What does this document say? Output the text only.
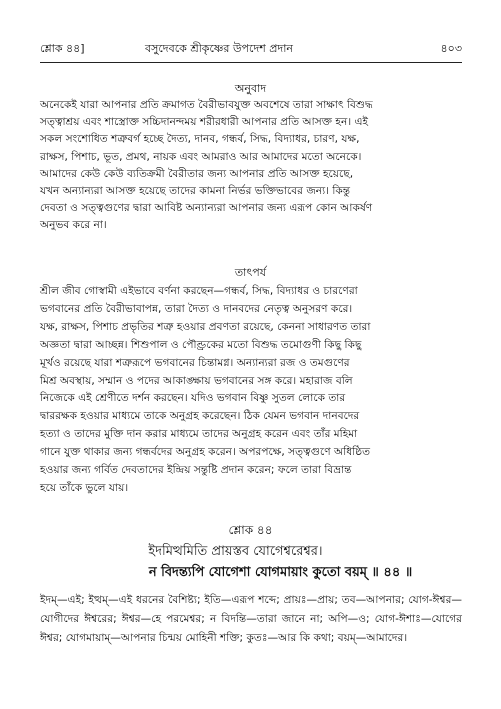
শ্লোক ৪৪]	বসুদেবকে শ্রীকৃষ্ণের উপদেশ প্রদান	৪০৩
অনুবাদ
অনেকেই যারা আপনার প্রতি ক্রমাগত বৈরীভাবযুক্ত অবশেষে তারা সাক্ষাৎ বিশুদ্ধ
সত্ত্বাশ্রয় এবং শাস্ত্রোক্ত সচ্চিদানন্দময় শরীরধারী আপনার প্রতি আসক্ত হন। এই
সকল সংশোধিত শত্রুবর্গ হচ্ছে দৈত্য, দানব, গন্ধর্ব, সিদ্ধ, বিদ্যাধর, চারণ, যক্ষ,
রাক্ষস, পিশাচ, ভূত, প্রমথ, নায়ক এবং আমরাও আর আমাদের মতো অনেকে।
আমাদের কেউ কেউ ব্যতিক্রমী বৈরীতার জন্য আপনার প্রতি আসক্ত হয়েছে,
যখন অন্যান্যরা আসক্ত হয়েছে তাদের কামনা নির্ভর ভক্তিভাবের জন্য। কিন্তু
দেবতা ও সত্ত্বগুণের দ্বারা আবিষ্ট অন্যান্যরা আপনার জন্য এরূপ কোন আকর্ষণ
অনুভব করে না।
তাৎপর্য
শ্রীল জীব গোস্বামী এইভাবে বর্ণনা করছেন—গন্ধর্ব, সিদ্ধ, বিদ্যাধর ও চারণেরা
ভগবানের প্রতি বৈরীভাবাপন্ন, তারা দৈত্য ও দানবদের নেতৃত্ব অনুসরণ করে।
যক্ষ, রাক্ষস, পিশাচ প্রভৃতির শত্রু হওয়ার প্রবণতা রয়েছে, কেননা সাধারণত তারা
অজ্ঞতা দ্বারা আচ্ছন্ন। শিশুপাল ও পৌণ্ড্রকের মতো বিশুদ্ধ তমোগুণী কিছু কিছু
মূর্খও রয়েছে যারা শত্রুরূপে ভগবানের চিন্তামগ্ন। অন্যান্যরা রজ ও তমগুণের
মিশ্র অবস্থায়, সম্মান ও পদের আকাঙ্ক্ষায় ভগবানের সঙ্গ করে। মহারাজ বলি
নিজেকে এই শ্রেণীতে দর্শন করছেন। যদিও ভগবান বিষ্ণু সুতল লোকে তার
দ্বাররক্ষক হওয়ার মাধ্যমে তাকে অনুগ্রহ করেছেন। ঠিক যেমন ভগবান দানবদের
হত্যা ও তাদের মুক্তি দান করার মাধ্যমে তাদের অনুগ্রহ করেন এবং তাঁর মহিমা
গানে যুক্ত থাকার জন্য গন্ধর্বদের অনুগ্রহ করেন। অপরপক্ষে, সত্ত্বগুণে অধিষ্ঠিত
হওয়ার জন্য গর্বিত দেবতাদের ইন্দ্রিয় সন্তুষ্টি প্রদান করেন; ফলে তারা বিভ্রান্ত
হয়ে তাঁকে ভুলে যায়।
শ্লোক ৪৪
ইদমিত্থমিতি প্রায়স্তব যোগেশ্বরেশ্বর।
ন বিদন্ত্যপি যোগেশা যোগমায়াং কুতো বয়ম্‌ ॥ ৪৪ ॥
ইদম্‌—এই; ইত্থম্‌—এই ধরনের বৈশিষ্ট্য; ইতি—এরূপ শব্দে; প্রায়ঃ—প্রায়; তব—আপনার; যোগ-ঈশ্বর—যোগীদের ঈশ্বরের; ঈশ্বর—হে পরমেশ্বর; ন বিদন্তি—তারা জানে না; অপি—ও; যোগ-ঈশাঃ—যোগের ঈশ্বর; যোগমায়াম্‌—আপনার চিন্ময় মোহিনী শক্তি; কুতঃ—আর কি কথা; বয়ম্‌—আমাদের।
